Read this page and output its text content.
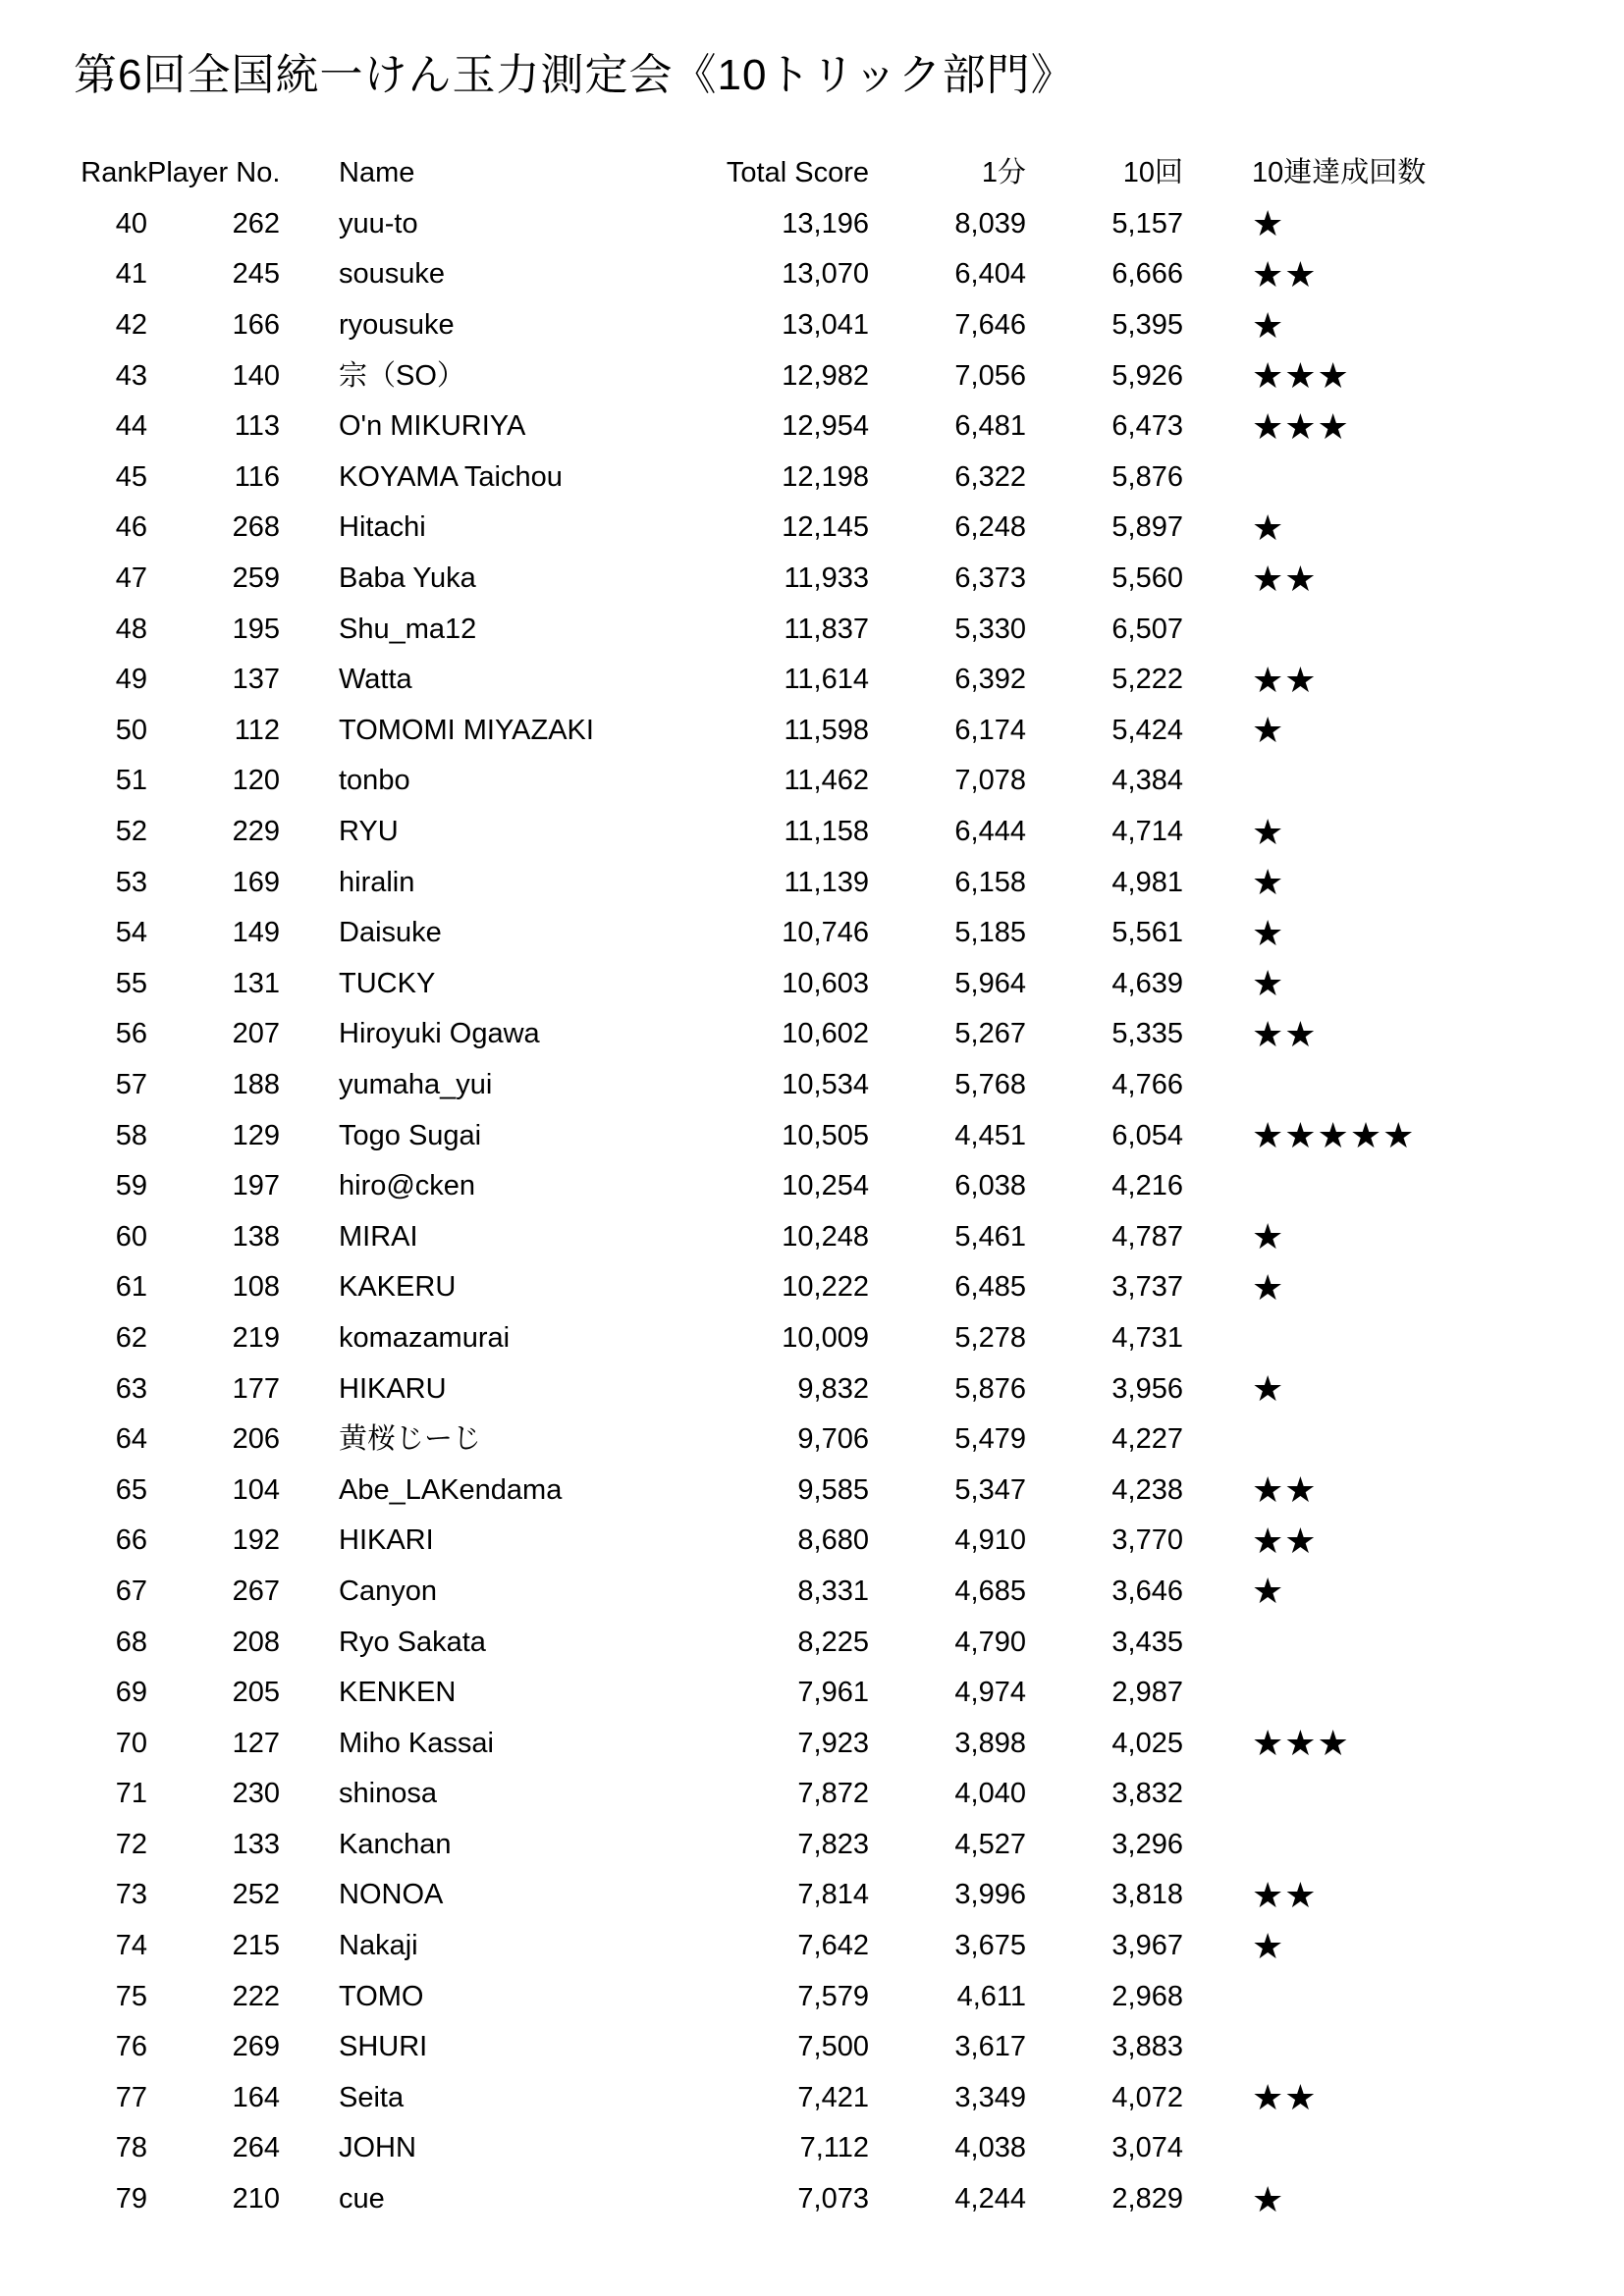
第6回全国統一けん玉力測定会《10トリック部門》
Rank Player No. Name	Total Score	1分	10回 10連達成回数
40	262 yuu-to	13,196	8,039	5,157 ★
41	245 sousuke	13,070	6,404	6,666 ★★
42	166 ryousuke	13,041	7,646	5,395 ★
43	140 宗（SO）	12,982	7,056	5,926 ★★★
44	113 O'n MIKURIYA	12,954	6,481	6,473 ★★★
45	116 KOYAMA Taichou	12,198	6,322	5,876
46	268 Hitachi	12,145	6,248	5,897 ★
47	259 Baba Yuka	11,933	6,373	5,560 ★★
48	195 Shu_ma12	11,837	5,330	6,507
49	137 Watta	11,614	6,392	5,222 ★★
50	112 TOMOMI MIYAZAKI	11,598	6,174	5,424 ★
51	120 tonbo	11,462	7,078	4,384
52	229 RYU	11,158	6,444	4,714 ★
53	169 hiralin	11,139	6,158	4,981 ★
54	149 Daisuke	10,746	5,185	5,561 ★
55	131 TUCKY	10,603	5,964	4,639 ★
56	207 Hiroyuki Ogawa	10,602	5,267	5,335 ★★
57	188 yumaha_yui	10,534	5,768	4,766
58	129 Togo Sugai	10,505	4,451	6,054 ★★★★★
59	197 hiro@cken	10,254	6,038	4,216
60	138 MIRAI	10,248	5,461	4,787 ★
61	108 KAKERU	10,222	6,485	3,737 ★
62	219 komazamurai	10,009	5,278	4,731
63	177 HIKARU	9,832	5,876	3,956 ★
64	206 黄桜じーじ	9,706	5,479	4,227
65	104 Abe_LAKendama	9,585	5,347	4,238 ★★
66	192 HIKARI	8,680	4,910	3,770 ★★
67	267 Canyon	8,331	4,685	3,646 ★
68	208 Ryo Sakata	8,225	4,790	3,435
69	205 KENKEN	7,961	4,974	2,987
70	127 Miho Kassai	7,923	3,898	4,025 ★★★
71	230 shinosa	7,872	4,040	3,832
72	133 Kanchan	7,823	4,527	3,296
73	252 NONOA	7,814	3,996	3,818 ★★
74	215 Nakaji	7,642	3,675	3,967 ★
75	222 TOMO	7,579	4,611	2,968
76	269 SHURI	7,500	3,617	3,883
77	164 Seita	7,421	3,349	4,072 ★★
78	264 JOHN	7,112	4,038	3,074
79	210 cue	7,073	4,244	2,829 ★
